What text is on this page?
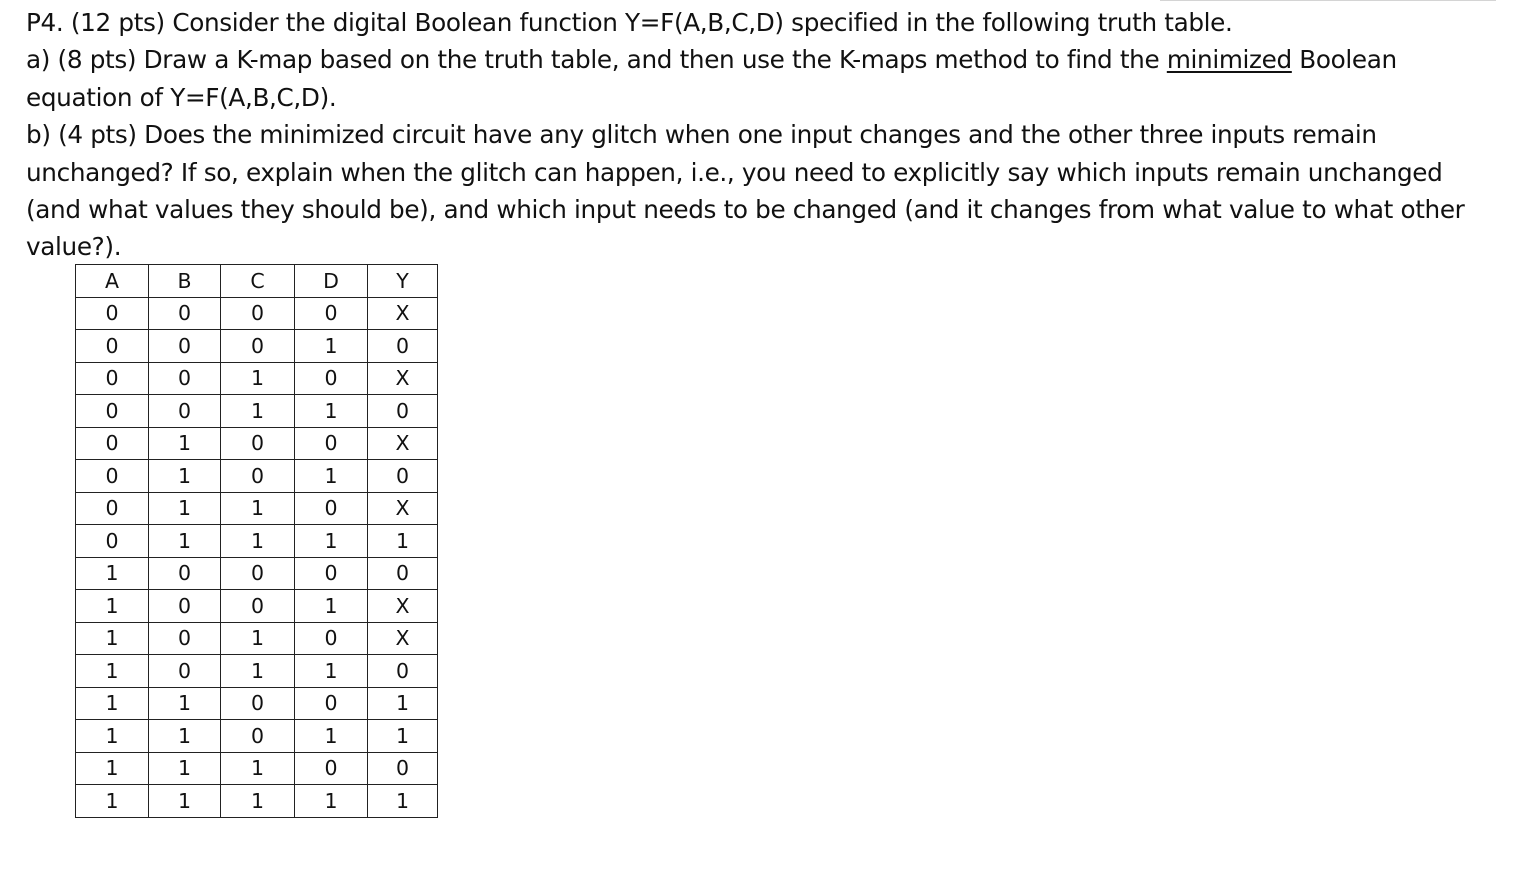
P4. (12 pts) Consider the digital Boolean function Y=F(A,B,C,D) specified in the following truth table.
a) (8 pts) Draw a K-map based on the truth table, and then use the K-maps method to find the minimized Boolean
equation of Y=F(A,B,C,D).
b) (4 pts) Does the minimized circuit have any glitch when one input changes and the other three inputs remain
unchanged? If so, explain when the glitch can happen, i.e., you need to explicitly say which inputs remain unchanged
(and what values they should be), and which input needs to be changed (and it changes from what value to what other
value?).
A	B	C	D	Y
0	0	0	0	X
0	0	0	1	0
0	0	1	0	X
0	0	1	1	0
0	1	0	0	X
0	1	0	1	0
0	1	1	0	X
0	1	1	1	1
1	0	0	0	0
1	0	0	1	X
1	0	1	0	X
1	0	1	1	0
1	1	0	0	1
1	1	0	1	1
1	1	1	0	0
1	1	1	1	1
